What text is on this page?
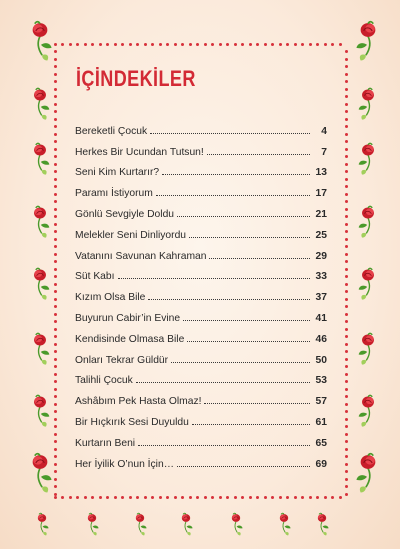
İÇİNDEKİLER
Bereketli Çocuk	4
Herkes Bir Ucundan Tutsun!	7
Seni Kim Kurtarır?	13
Paramı İstiyorum	17
Gönlü Sevgiyle Doldu	21
Melekler Seni Dinliyordu	25
Vatanını Savunan Kahraman	29
Süt Kabı	33
Kızım Olsa Bile	37
Buyurun Cabir’in Evine	41
Kendisinde Olmasa Bile	46
Onları Tekrar Güldür	50
Talihli Çocuk	53
Ashâbım Pek Hasta Olmaz!	57
Bir Hıçkırık Sesi Duyuldu	61
Kurtarın Beni	65
Her İyilik O’nun İçin…	69
